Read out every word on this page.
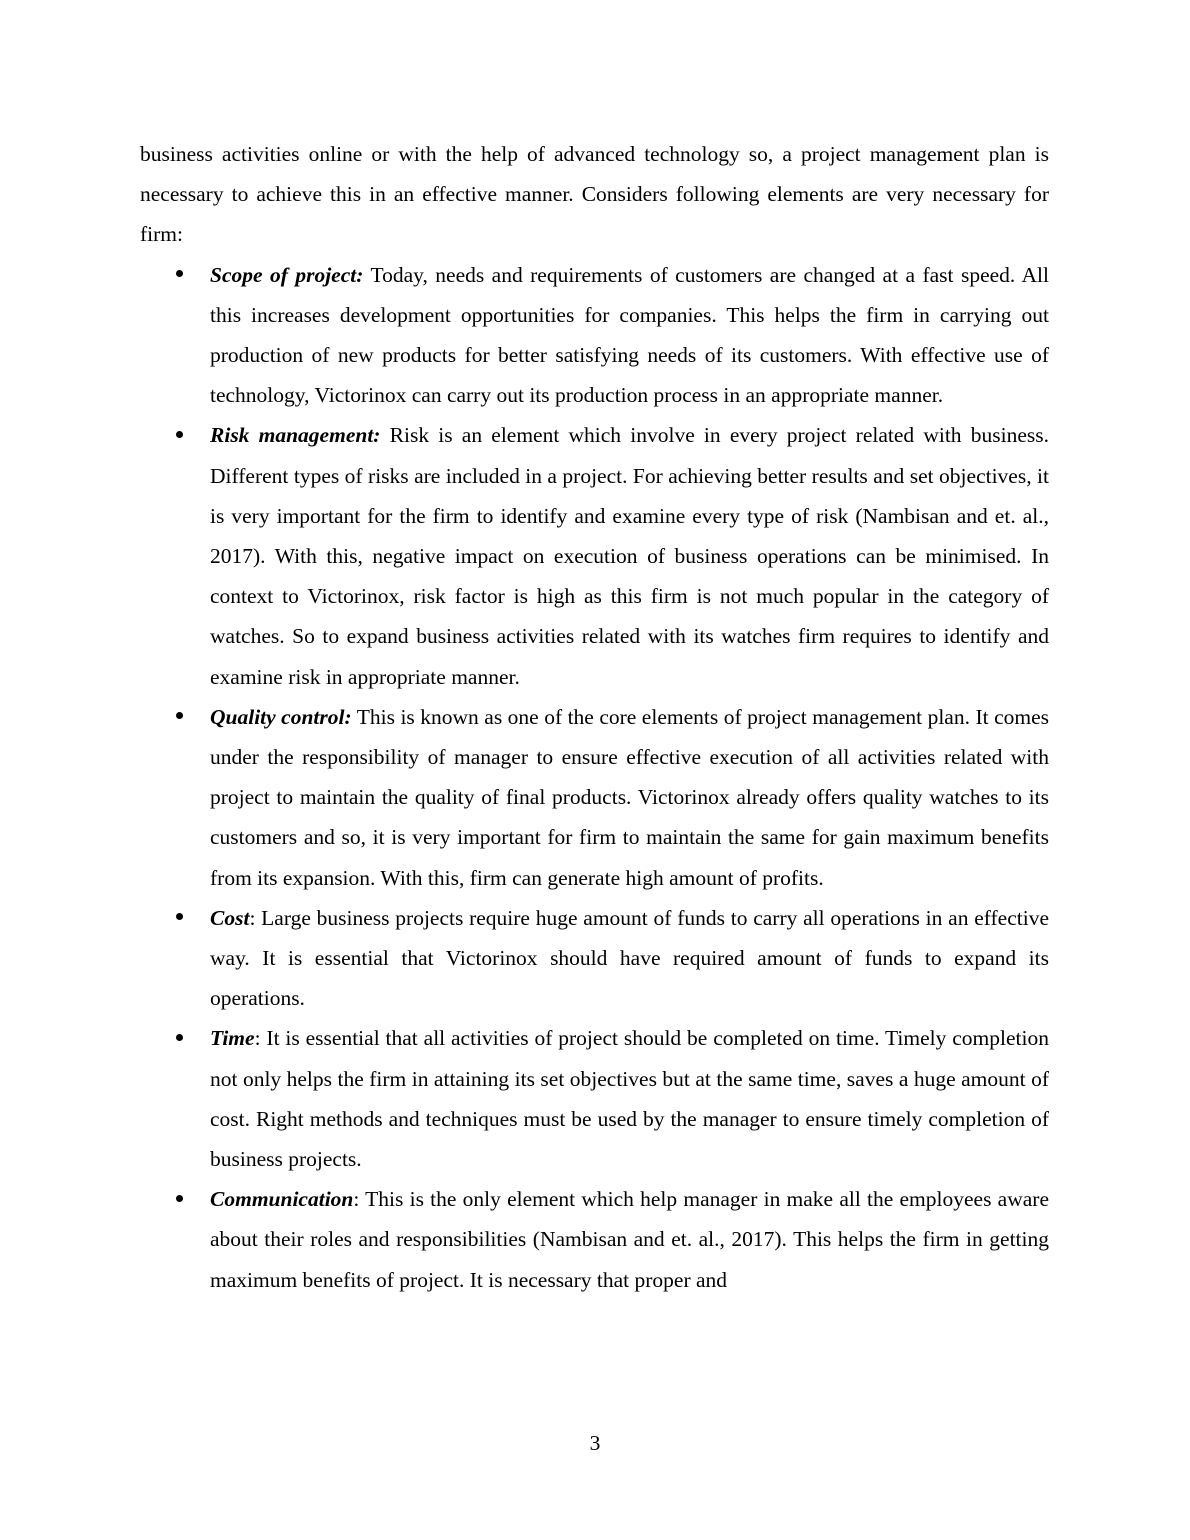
business activities online or with the help of advanced technology so, a project management plan is necessary to achieve this in an effective manner. Considers following elements are very necessary for firm:

Scope of project: Today, needs and requirements of customers are changed at a fast speed. All this increases development opportunities for companies. This helps the firm in carrying out production of new products for better satisfying needs of its customers. With effective use of technology, Victorinox can carry out its production process in an appropriate manner.
Risk management: Risk is an element which involve in every project related with business. Different types of risks are included in a project. For achieving better results and set objectives, it is very important for the firm to identify and examine every type of risk (Nambisan and et. al., 2017). With this, negative impact on execution of business operations can be minimised. In context to Victorinox, risk factor is high as this firm is not much popular in the category of watches. So to expand business activities related with its watches firm requires to identify and examine risk in appropriate manner.
Quality control: This is known as one of the core elements of project management plan. It comes under the responsibility of manager to ensure effective execution of all activities related with project to maintain the quality of final products. Victorinox already offers quality watches to its customers and so, it is very important for firm to maintain the same for gain maximum benefits from its expansion. With this, firm can generate high amount of profits.
Cost: Large business projects require huge amount of funds to carry all operations in an effective way. It is essential that Victorinox should have required amount of funds to expand its operations.
Time: It is essential that all activities of project should be completed on time. Timely completion not only helps the firm in attaining its set objectives but at the same time, saves a huge amount of cost. Right methods and techniques must be used by the manager to ensure timely completion of business projects.
Communication: This is the only element which help manager in make all the employees aware about their roles and responsibilities (Nambisan and et. al., 2017). This helps the firm in getting maximum benefits of project. It is necessary that proper and
3
